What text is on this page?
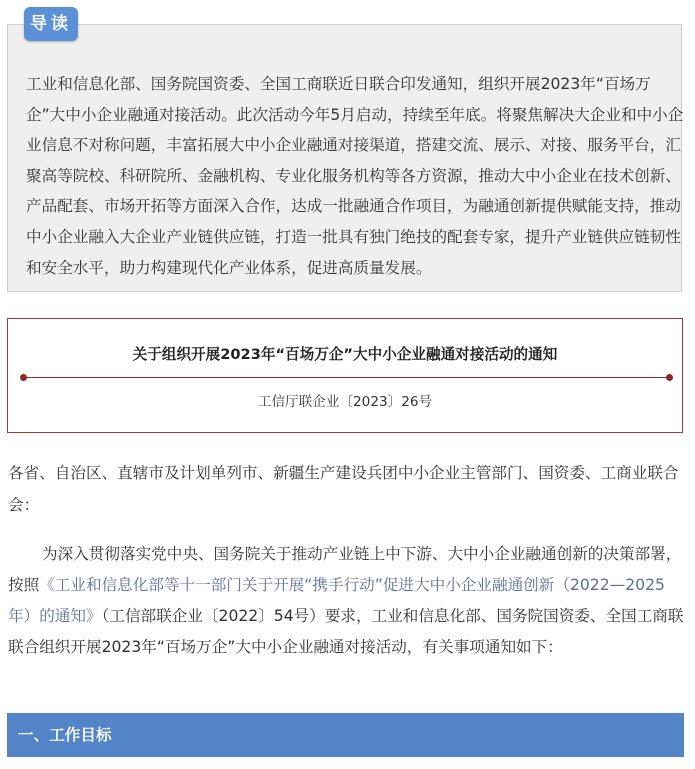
导读
工业和信息化部、国务院国资委、全国工商联近日联合印发通知，组织开展2023年“百场万企”大中小企业融通对接活动。此次活动今年5月启动，持续至年底。将聚焦解决大企业和中小企业信息不对称问题，丰富拓展大中小企业融通对接渠道，搭建交流、展示、对接、服务平台，汇聚高等院校、科研院所、金融机构、专业化服务机构等各方资源，推动大中小企业在技术创新、产品配套、市场开拓等方面深入合作，达成一批融通合作项目，为融通创新提供赋能支持，推动中小企业融入大企业产业链供应链，打造一批具有独门绝技的配套专家，提升产业链供应链韧性和安全水平，助力构建现代化产业体系，促进高质量发展。
关于组织开展2023年“百场万企”大中小企业融通对接活动的通知
工信厅联企业〔2023〕26号
各省、自治区、直辖市及计划单列市、新疆生产建设兵团中小企业主管部门、国资委、工商业联合会：
为深入贯彻落实党中央、国务院关于推动产业链上中下游、大中小企业融通创新的决策部署，按照《工业和信息化部等十一部门关于开展“携手行动”促进大中小企业融通创新（2022—2025年）的通知》（工信部联企业〔2022〕54号）要求，工业和信息化部、国务院国资委、全国工商联联合组织开展2023年“百场万企”大中小企业融通对接活动，有关事项通知如下：
一、工作目标
